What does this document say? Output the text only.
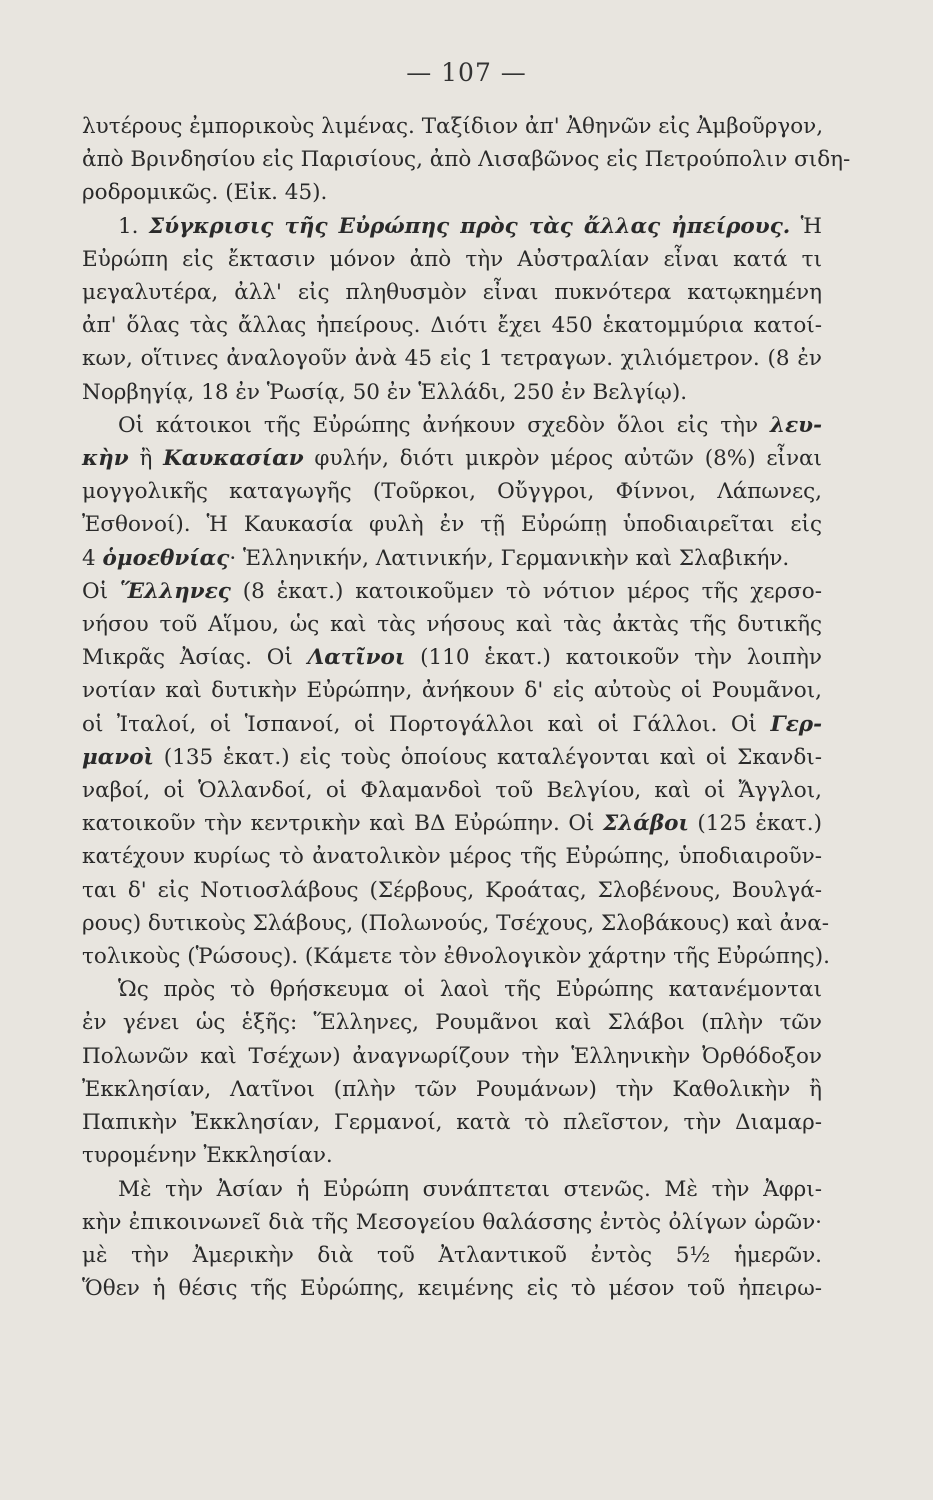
— 107 —
λυτέρους ἐμπορικοὺς λιμένας. Ταξίδιον ἀπ' Ἀθηνῶν εἰς Ἀμβοῦργον,
ἀπὸ Βρινδησίου εἰς Παρισίους, ἀπὸ Λισαβῶνος εἰς Πετρούπολιν σιδη-
ροδρομικῶς. (Εἰκ. 45).
1. Σύγκρισις τῆς Εὐρώπης πρὸς τὰς ἄλλας ἠπείρους. Ἡ
Εὐρώπη εἰς ἔκτασιν μόνον ἀπὸ τὴν Αὐστραλίαν εἶναι κατά τι
μεγαλυτέρα, ἀλλ' εἰς πληθυσμὸν εἶναι πυκνότερα κατῳκημένη
ἀπ' ὅλας τὰς ἄλλας ἠπείρους. Διότι ἔχει 450 ἑκατομμύρια κατοί-
κων, οἵτινες ἀναλογοῦν ἀνὰ 45 εἰς 1 τετραγων. χιλιόμετρον. (8 ἐν
Νορβηγίᾳ, 18 ἐν Ῥωσίᾳ, 50 ἐν Ἑλλάδι, 250 ἐν Βελγίῳ).
Οἱ κάτοικοι τῆς Εὐρώπης ἀνήκουν σχεδὸν ὅλοι εἰς τὴν λευ-
κὴν ἢ Καυκασίαν φυλήν, διότι μικρὸν μέρος αὐτῶν (8%) εἶναι
μογγολικῆς καταγωγῆς (Τοῦρκοι, Οὔγγροι, Φίννοι, Λάπωνες,
Ἐσθονοί). Ἡ Καυκασία φυλὴ ἐν τῇ Εὐρώπῃ ὑποδιαιρεῖται εἰς
4 ὁμοεθνίας· Ἑλληνικήν, Λατινικήν, Γερμανικὴν καὶ Σλαβικήν.
Οἱ Ἕλληνες (8 ἑκατ.) κατοικοῦμεν τὸ νότιον μέρος τῆς χερσο-
νήσου τοῦ Αἵμου, ὡς καὶ τὰς νήσους καὶ τὰς ἀκτὰς τῆς δυτικῆς
Μικρᾶς Ἀσίας. Οἱ Λατῖνοι (110 ἑκατ.) κατοικοῦν τὴν λοιπὴν
νοτίαν καὶ δυτικὴν Εὐρώπην, ἀνήκουν δ' εἰς αὐτοὺς οἱ Ρουμᾶνοι,
οἱ Ἰταλοί, οἱ Ἱσπανοί, οἱ Πορτογάλλοι καὶ οἱ Γάλλοι. Οἱ Γερ-
μανοὶ (135 ἑκατ.) εἰς τοὺς ὁποίους καταλέγονται καὶ οἱ Σκανδι-
ναβοί, οἱ Ὁλλανδοί, οἱ Φλαμανδοὶ τοῦ Βελγίου, καὶ οἱ Ἄγγλοι,
κατοικοῦν τὴν κεντρικὴν καὶ ΒΔ Εὐρώπην. Οἱ Σλάβοι (125 ἑκατ.)
κατέχουν κυρίως τὸ ἀνατολικὸν μέρος τῆς Εὐρώπης, ὑποδιαιροῦν-
ται δ' εἰς Νοτιοσλάβους (Σέρβους, Κροάτας, Σλοβένους, Βουλγά-
ρους) δυτικοὺς Σλάβους, (Πολωνούς, Τσέχους, Σλοβάκους) καὶ ἀνα-
τολικοὺς (Ῥώσους). (Κάμετε τὸν ἐθνολογικὸν χάρτην τῆς Εὐρώπης).
Ὡς πρὸς τὸ θρήσκευμα οἱ λαοὶ τῆς Εὐρώπης κατανέμονται
ἐν γένει ὡς ἑξῆς: Ἕλληνες, Ρουμᾶνοι καὶ Σλάβοι (πλὴν τῶν
Πολωνῶν καὶ Τσέχων) ἀναγνωρίζουν τὴν Ἑλληνικὴν Ὀρθόδοξον
Ἐκκλησίαν, Λατῖνοι (πλὴν τῶν Ρουμάνων) τὴν Καθολικὴν ἢ
Παπικὴν Ἐκκλησίαν, Γερμανοί, κατὰ τὸ πλεῖστον, τὴν Διαμαρ-
τυρομένην Ἐκκλησίαν.
Μὲ τὴν Ἀσίαν ἡ Εὐρώπη συνάπτεται στενῶς. Μὲ τὴν Ἀφρι-
κὴν ἐπικοινωνεῖ διὰ τῆς Μεσογείου θαλάσσης ἐντὸς ὀλίγων ὡρῶν·
μὲ τὴν Ἀμερικὴν διὰ τοῦ Ἀτλαντικοῦ ἐντὸς 5½ ἡμερῶν.
Ὅθεν ἡ θέσις τῆς Εὐρώπης, κειμένης εἰς τὸ μέσον τοῦ ἠπειρω-
